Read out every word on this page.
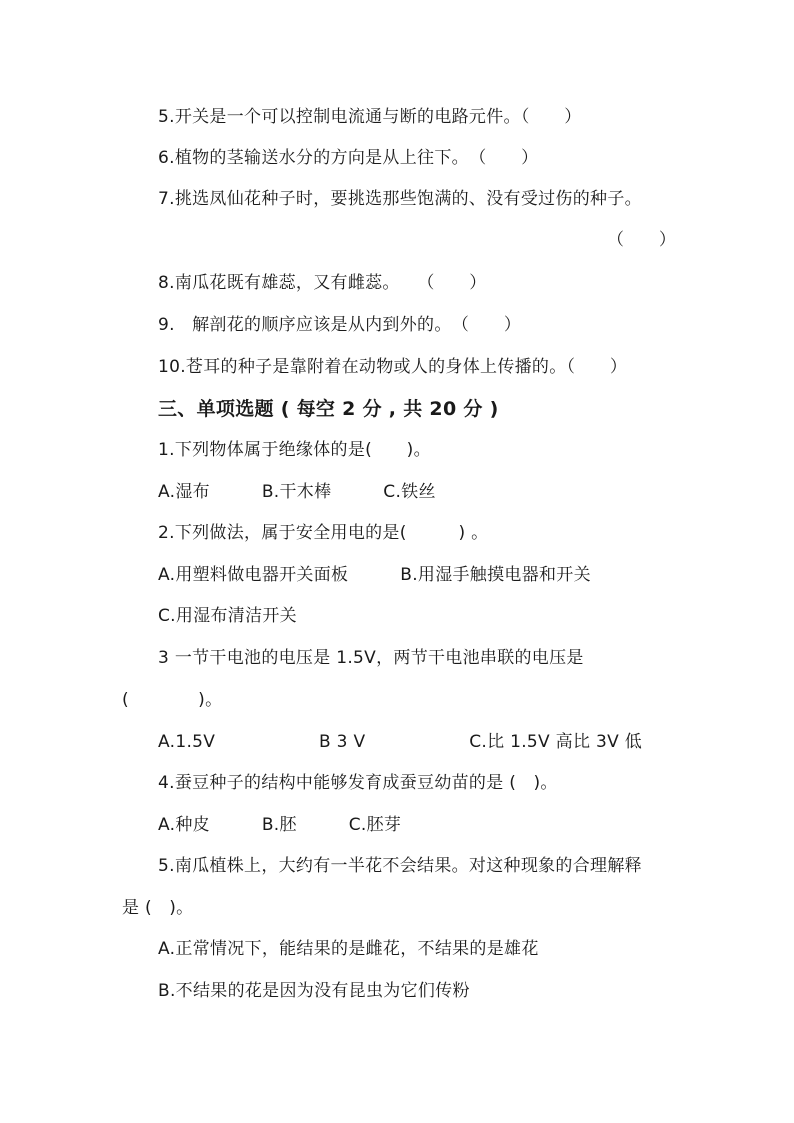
5.开关是一个可以控制电流通与断的电路元件。（　　）
6.植物的茎输送水分的方向是从上往下。　（　　）
7.挑选凤仙花种子时，要挑选那些饱满的、没有受过伤的种子。
（　　）
8.南瓜花既有雄蕊，又有雌蕊。　　（　　）
9.　解剖花的顺序应该是从内到外的。　（　　）
10.苍耳的种子是靠附着在动物或人的身体上传播的。（　　）
三、单项选题 ( 每空 2 分 , 共 20 分 )
1.下列物体属于绝缘体的是(　　)。
A.湿布　　　B.干木棒　　　C.铁丝
2.下列做法，属于安全用电的是(　　　) 。
A.用塑料做电器开关面板　　　B.用湿手触摸电器和开关
C.用湿布清洁开关
3 一节干电池的电压是 1.5V，两节干电池串联的电压是
(　　　　)。
A.1.5V　　　　　　B 3 V　　　　　　C.比 1.5V 高比 3V 低
4.蚕豆种子的结构中能够发育成蚕豆幼苗的是 (　)。
A.种皮　　　B.胚　　　C.胚芽
5.南瓜植株上，大约有一半花不会结果。对这种现象的合理解释
是 (　)。
A.正常情况下，能结果的是雌花，不结果的是雄花
B.不结果的花是因为没有昆虫为它们传粉
